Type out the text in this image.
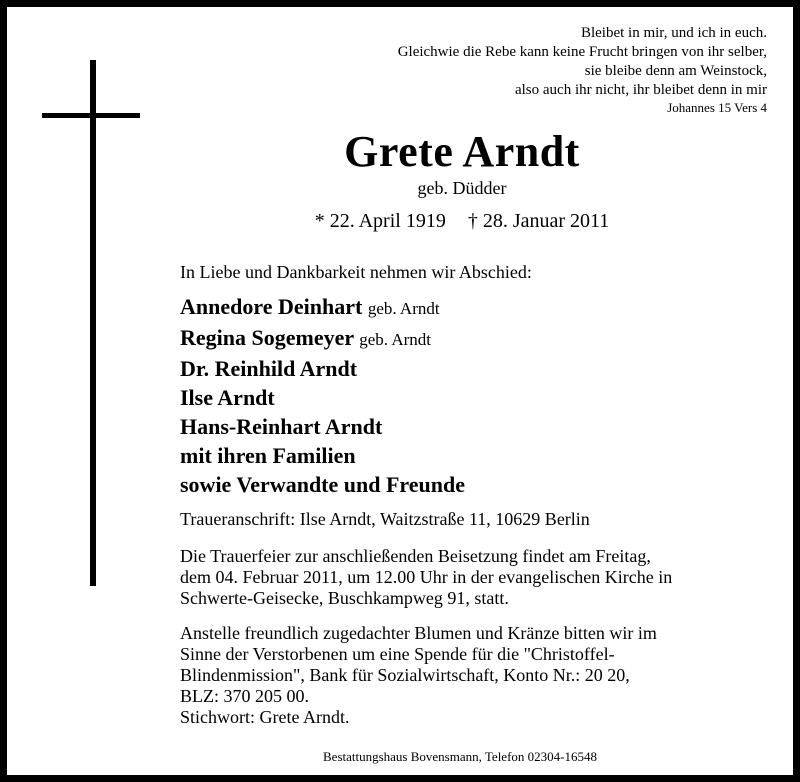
Bleibet in mir, und ich in euch.
Gleichwie die Rebe kann keine Frucht bringen von ihr selber,
sie bleibe denn am Weinstock,
also auch ihr nicht, ihr bleibet denn in mir
Johannes 15 Vers 4
Grete Arndt
geb. Düdder
* 22. April 1919 † 28. Januar 2011
In Liebe und Dankbarkeit nehmen wir Abschied:
Annedore Deinhart geb. Arndt
Regina Sogemeyer geb. Arndt
Dr. Reinhild Arndt
Ilse Arndt
Hans-Reinhart Arndt
mit ihren Familien
sowie Verwandte und Freunde
Traueranschrift: Ilse Arndt, Waitzstraße 11, 10629 Berlin
Die Trauerfeier zur anschließenden Beisetzung findet am Freitag,
dem 04. Februar 2011, um 12.00 Uhr in der evangelischen Kirche in
Schwerte-Geisecke, Buschkampweg 91, statt.
Anstelle freundlich zugedachter Blumen und Kränze bitten wir im
Sinne der Verstorbenen um eine Spende für die "Christoffel-
Blindenmission", Bank für Sozialwirtschaft, Konto Nr.: 20 20,
BLZ: 370 205 00.
Stichwort: Grete Arndt.
Bestattungshaus Bovensmann, Telefon 02304-16548
